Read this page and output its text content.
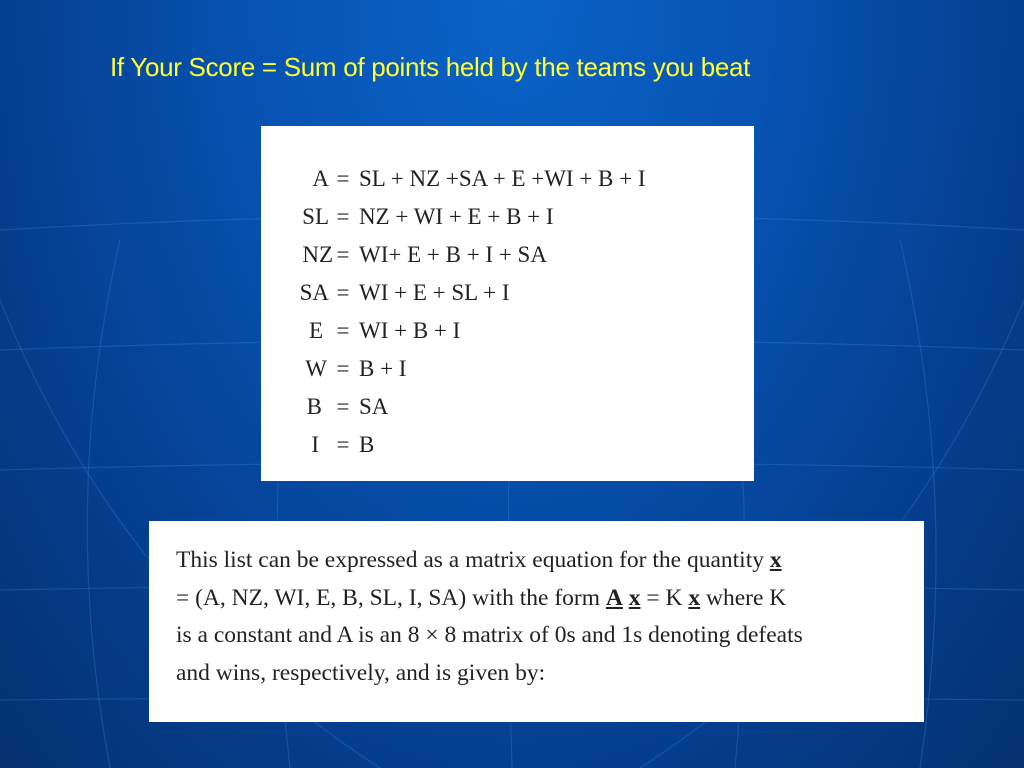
If Your Score = Sum of points held by the teams you beat
A = SL + NZ +SA + E +WI + B + I
SL = NZ + WI + E + B + I
NZ = WI+ E + B + I + SA
SA = WI + E + SL + I
E = WI + B + I
W = B + I
B = SA
I = B
This list can be expressed as a matrix equation for the quantity x
= (A, NZ, WI, E, B, SL, I, SA) with the form A x = K x where K
is a constant and A is an 8 × 8 matrix of 0s and 1s denoting defeats
and wins, respectively, and is given by:
